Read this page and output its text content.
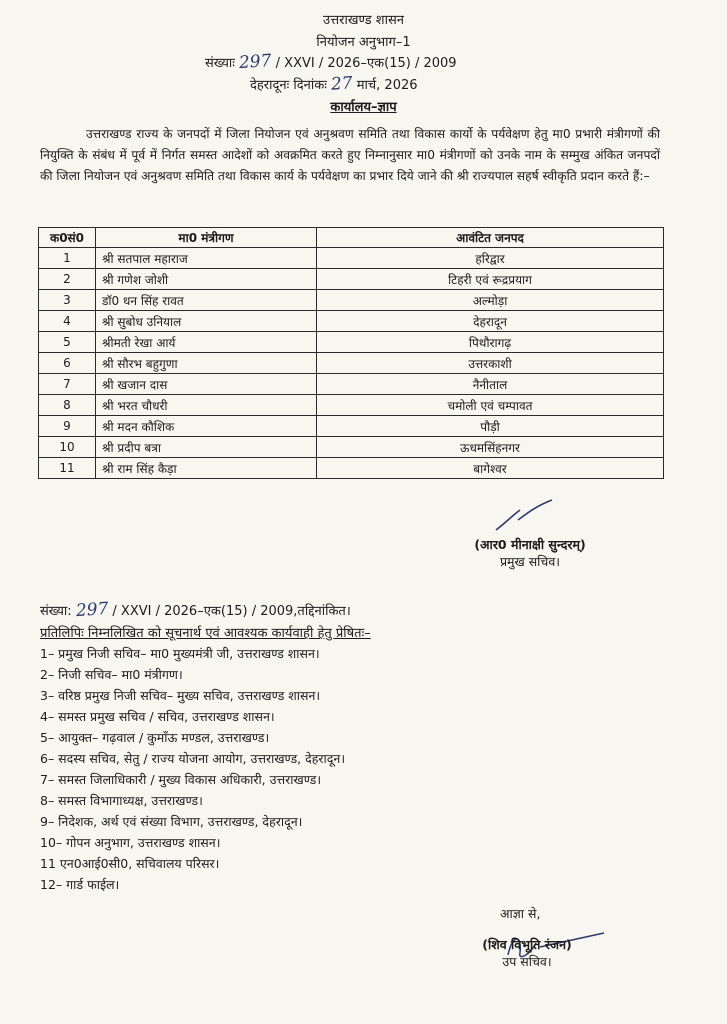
उत्तराखण्ड शासन
नियोजन अनुभाग–1
संख्याः 297 / XXVI / 2026–एक(15) / 2009
देहरादूनः दिनांकः 27 मार्च, 2026
कार्यालय–ज्ञाप
उत्तराखण्ड राज्य के जनपदों में जिला नियोजन एवं अनुश्रवण समिति तथा विकास कार्यो के पर्यवेक्षण हेतु मा0 प्रभारी मंत्रीगणों की नियुक्ति के संबंध में पूर्व में निर्गत समस्त आदेशों को अवक्रमित करते हुए निम्नानुसार मा0 मंत्रीगणों को उनके नाम के सम्मुख अंकित जनपदों की जिला नियोजन एवं अनुश्रवण समिति तथा विकास कार्य के पर्यवेक्षण का प्रभार दिये जाने की श्री राज्यपाल सहर्ष स्वीकृति प्रदान करते हैं:–
क0सं0	मा0 मंत्रीगण	आवंटित जनपद
1	श्री सतपाल महाराज	हरिद्वार
2	श्री गणेश जोशी	टिहरी एवं रूद्रप्रयाग
3	डॉ0 धन सिंह रावत	अल्मोड़ा
4	श्री सुबोध उनियाल	देहरादून
5	श्रीमती रेखा आर्य	पिथौरागढ़
6	श्री सौरभ बहुगुणा	उत्तरकाशी
7	श्री खजान दास	नैनीताल
8	श्री भरत चौधरी	चमोली एवं चम्पावत
9	श्री मदन कौशिक	पौड़ी
10	श्री प्रदीप बत्रा	ऊधमसिंहनगर
11	श्री राम सिंह कैड़ा	बागेश्वर
(आर0 मीनाक्षी सुन्दरम्)
प्रमुख सचिव।
संख्या: 297 / XXVI / 2026–एक(15) / 2009,तद्दिनांकित।
प्रतिलिपिः निम्नलिखित को सूचनार्थ एवं आवश्यक कार्यवाही हेतु प्रेषितः–
1– प्रमुख निजी सचिव– मा0 मुख्यमंत्री जी, उत्तराखण्ड शासन।
2– निजी सचिव– मा0 मंत्रीगण।
3– वरिष्ठ प्रमुख निजी सचिव– मुख्य सचिव, उत्तराखण्ड शासन।
4– समस्त प्रमुख सचिव / सचिव, उत्तराखण्ड शासन।
5– आयुक्त– गढ़वाल / कुमाँऊ मण्डल, उत्तराखण्ड।
6– सदस्य सचिव, सेतु / राज्य योजना आयोग, उत्तराखण्ड, देहरादून।
7– समस्त जिलाधिकारी / मुख्य विकास अधिकारी, उत्तराखण्ड।
8– समस्त विभागाध्यक्ष, उत्तराखण्ड।
9– निदेशक, अर्थ एवं संख्या विभाग, उत्तराखण्ड, देहरादून।
10– गोपन अनुभाग, उत्तराखण्ड शासन।
11 एन0आई0सी0, सचिवालय परिसर।
12– गार्ड फाईल।
आज्ञा से,
(शिव विभूति रंजन)
उप सचिव।
